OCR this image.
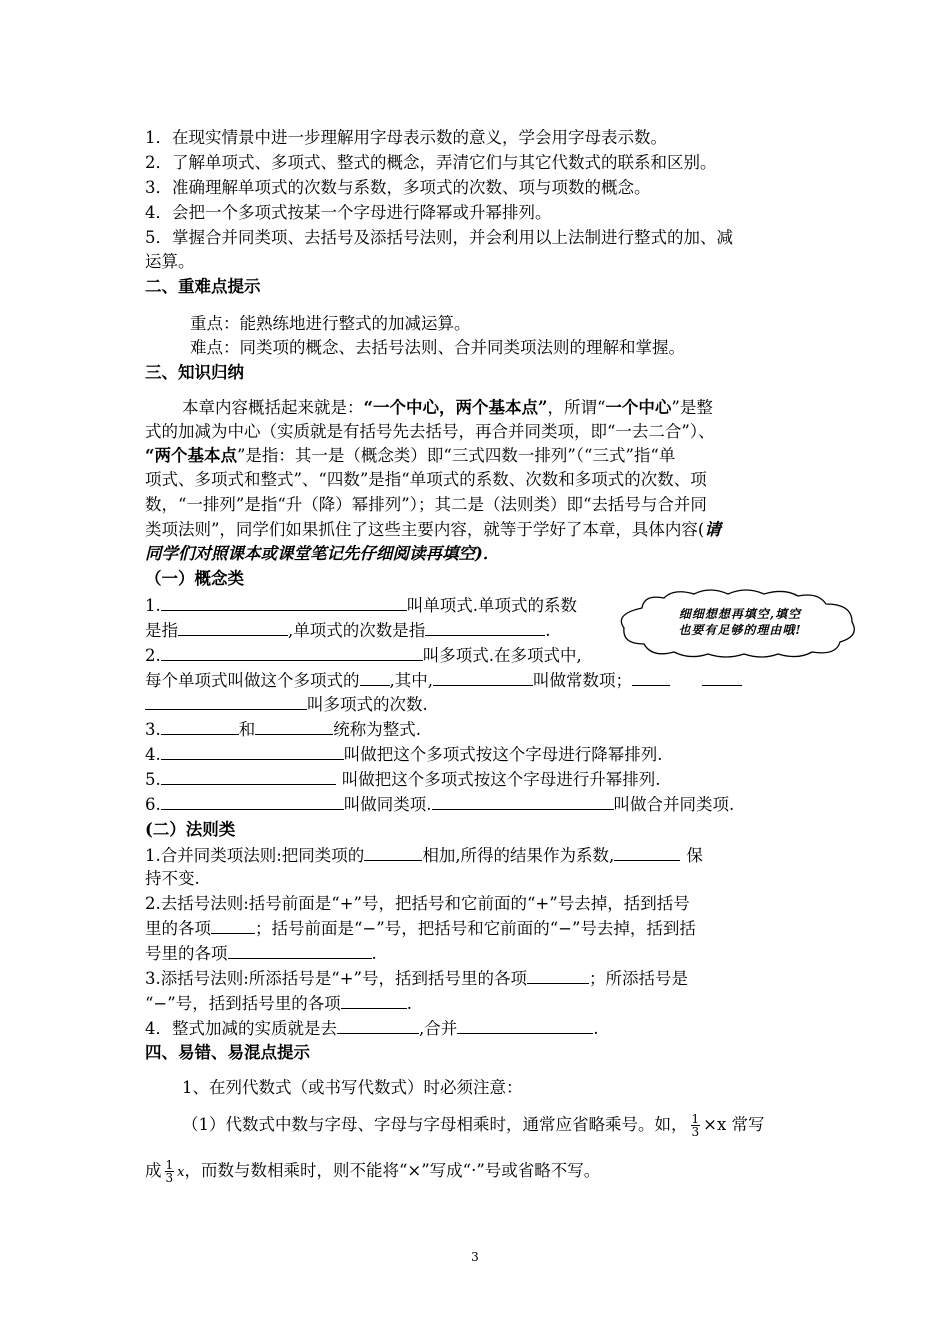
1．在现实情景中进一步理解用字母表示数的意义，学会用字母表示数。
2．了解单项式、多项式、整式的概念，弄清它们与其它代数式的联系和区别。
3．准确理解单项式的次数与系数，多项式的次数、项与项数的概念。
4．会把一个多项式按某一个字母进行降幂或升幂排列。
5．掌握合并同类项、去括号及添括号法则，并会利用以上法制进行整式的加、减
运算。
二、重难点提示
重点：能熟练地进行整式的加减运算。
难点：同类项的概念、去括号法则、合并同类项法则的理解和掌握。
三、知识归纳
本章内容概括起来就是：“一个中心，两个基本点”，所谓“一个中心”是整
式的加减为中心（实质就是有括号先去括号，再合并同类项，即“一去二合”）、
“两个基本点”是指：其一是（概念类）即“三式四数一排列”（“三式”指“单
项式、多项式和整式”、“四数”是指“单项式的系数、次数和多项式的次数、项
数，“一排列”是指“升（降）幂排列”）；其二是（法则类）即“去括号与合并同
类项法则”，同学们如果抓住了这些主要内容，就等于学好了本章，具体内容(请
同学们对照课本或课堂笔记先仔细阅读再填空)．
（一）概念类
1.	叫单项式.单项式的系数
是指	,单项式的次数是指	.
2.	叫多项式.在多项式中,
每个单项式叫做这个多项式的 ,其中,	叫做常数项；
叫多项式的次数.
3.	和	统称为整式.
4.	叫做把这个多项式按这个字母进行降幂排列.
5.	叫做把这个多项式按这个字母进行升幂排列.
6.	叫做同类项.	叫做合并同类项.
细细想想再填空,填空
也要有足够的理由哦!
(二）法则类
1.合并同类项法则:把同类项的	相加,所得的结果作为系数,	保
持不变.
2.去括号法则:括号前面是“+”号，把括号和它前面的“+”号去掉，括到括号
里的各项	；括号前面是“−”号，把括号和它前面的“−”号去掉，括到括
号里的各项	.
3.添括号法则:所添括号是“+”号，括到括号里的各项	；所添括号是
“−”号，括到括号里的各项	.
4．整式加减的实质就是去	,合并	.
四、易错、易混点提示
1、在列代数式（或书写代数式）时必须注意：
（1）代数式中数与字母、字母与字母相乘时，通常应省略乘号。如， $\frac{1}{3} \times x$ 常写
成 $\frac{1}{3}$ x，而数与数相乘时，则不能将“×”写成“·”号或省略不写。
3
